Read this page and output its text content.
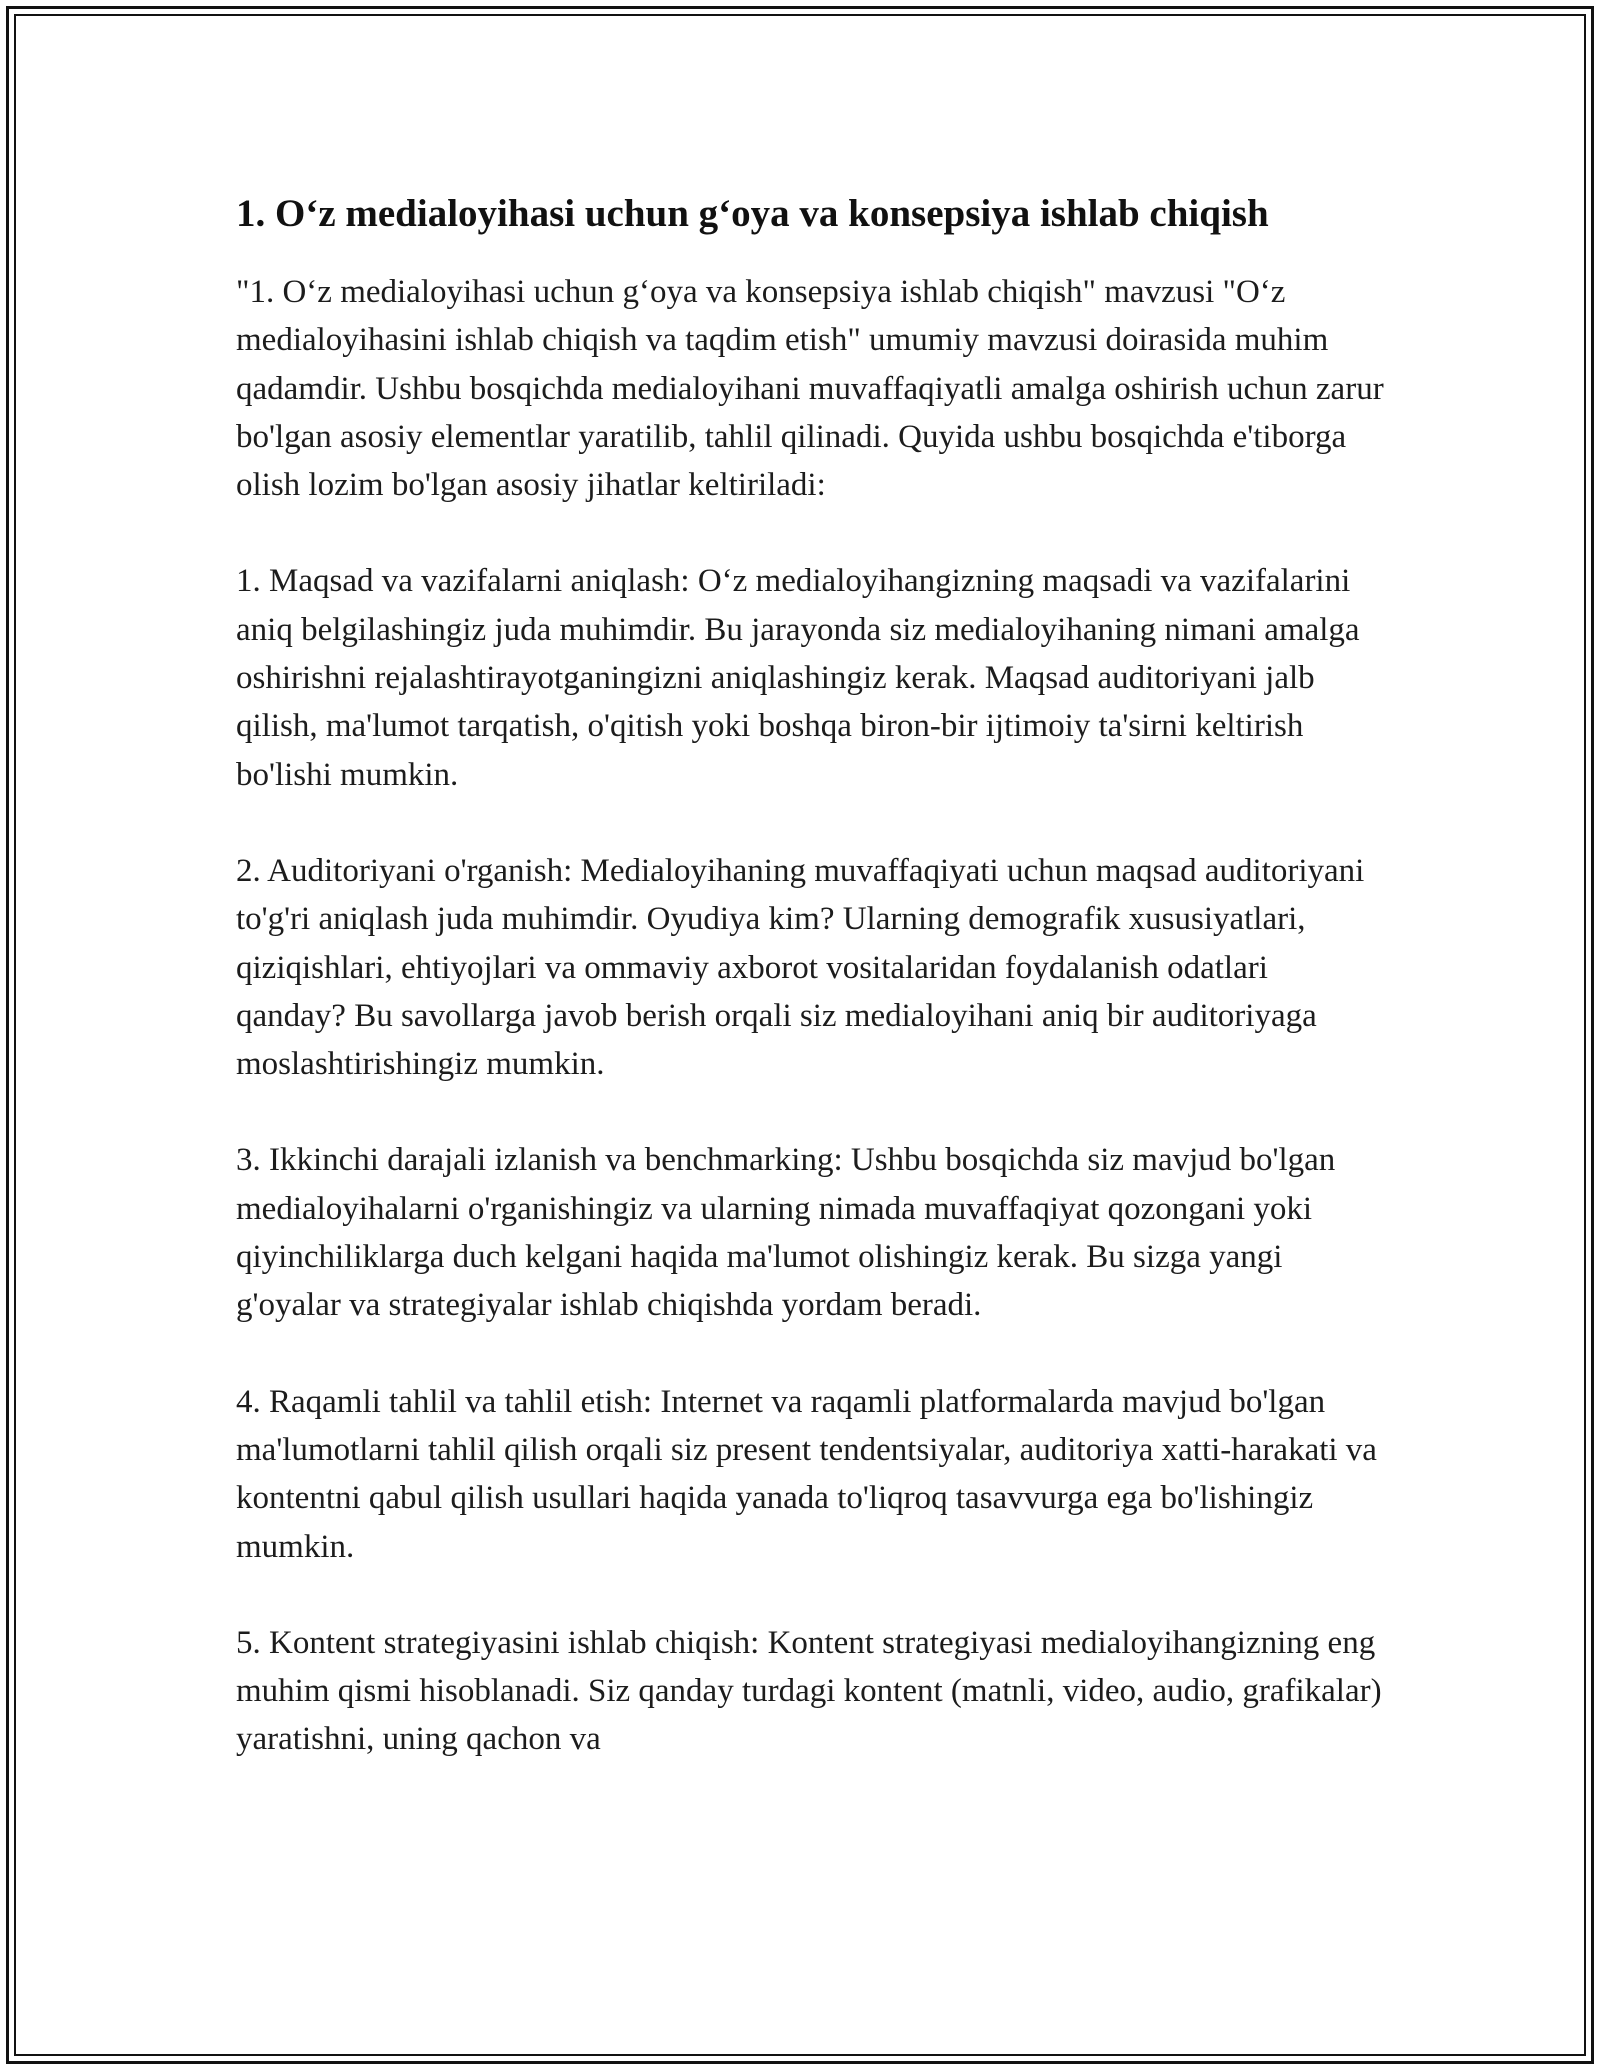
1. O‘z medialoyihasi uchun g‘oya va konsepsiya ishlab chiqish

"1. O‘z medialoyihasi uchun g‘oya va konsepsiya ishlab chiqish" mavzusi "O‘z medialoyihasini ishlab chiqish va taqdim etish" umumiy mavzusi doirasida muhim qadamdir. Ushbu bosqichda medialoyihani muvaffaqiyatli amalga oshirish uchun zarur bo'lgan asosiy elementlar yaratilib, tahlil qilinadi. Quyida ushbu bosqichda e'tiborga olish lozim bo'lgan asosiy jihatlar keltiriladi:

1. Maqsad va vazifalarni aniqlash: O‘z medialoyihangizning maqsadi va vazifalarini aniq belgilashingiz juda muhimdir. Bu jarayonda siz medialoyihaning nimani amalga oshirishni rejalashtirayotganingizni aniqlashingiz kerak. Maqsad auditoriyani jalb qilish, ma'lumot tarqatish, o'qitish yoki boshqa biron-bir ijtimoiy ta'sirni keltirish bo'lishi mumkin.

2. Auditoriyani o'rganish: Medialoyihaning muvaffaqiyati uchun maqsad auditoriyani to'g'ri aniqlash juda muhimdir. Oyudiya kim? Ularning demografik xususiyatlari, qiziqishlari, ehtiyojlari va ommaviy axborot vositalaridan foydalanish odatlari qanday? Bu savollarga javob berish orqali siz medialoyihani aniq bir auditoriyaga moslashtirishingiz mumkin.

3. Ikkinchi darajali izlanish va benchmarking: Ushbu bosqichda siz mavjud bo'lgan medialoyihalarni o'rganishingiz va ularning nimada muvaffaqiyat qozongani yoki qiyinchiliklarga duch kelgani haqida ma'lumot olishingiz kerak. Bu sizga yangi g'oyalar va strategiyalar ishlab chiqishda yordam beradi.

4. Raqamli tahlil va tahlil etish: Internet va raqamli platformalarda mavjud bo'lgan ma'lumotlarni tahlil qilish orqali siz present tendentsiyalar, auditoriya xatti-harakati va kontentni qabul qilish usullari haqida yanada to'liqroq tasavvurga ega bo'lishingiz mumkin.

5. Kontent strategiyasini ishlab chiqish: Kontent strategiyasi medialoyihangizning eng muhim qismi hisoblanadi. Siz qanday turdagi kontent (matnli, video, audio, grafikalar) yaratishni, uning qachon va
